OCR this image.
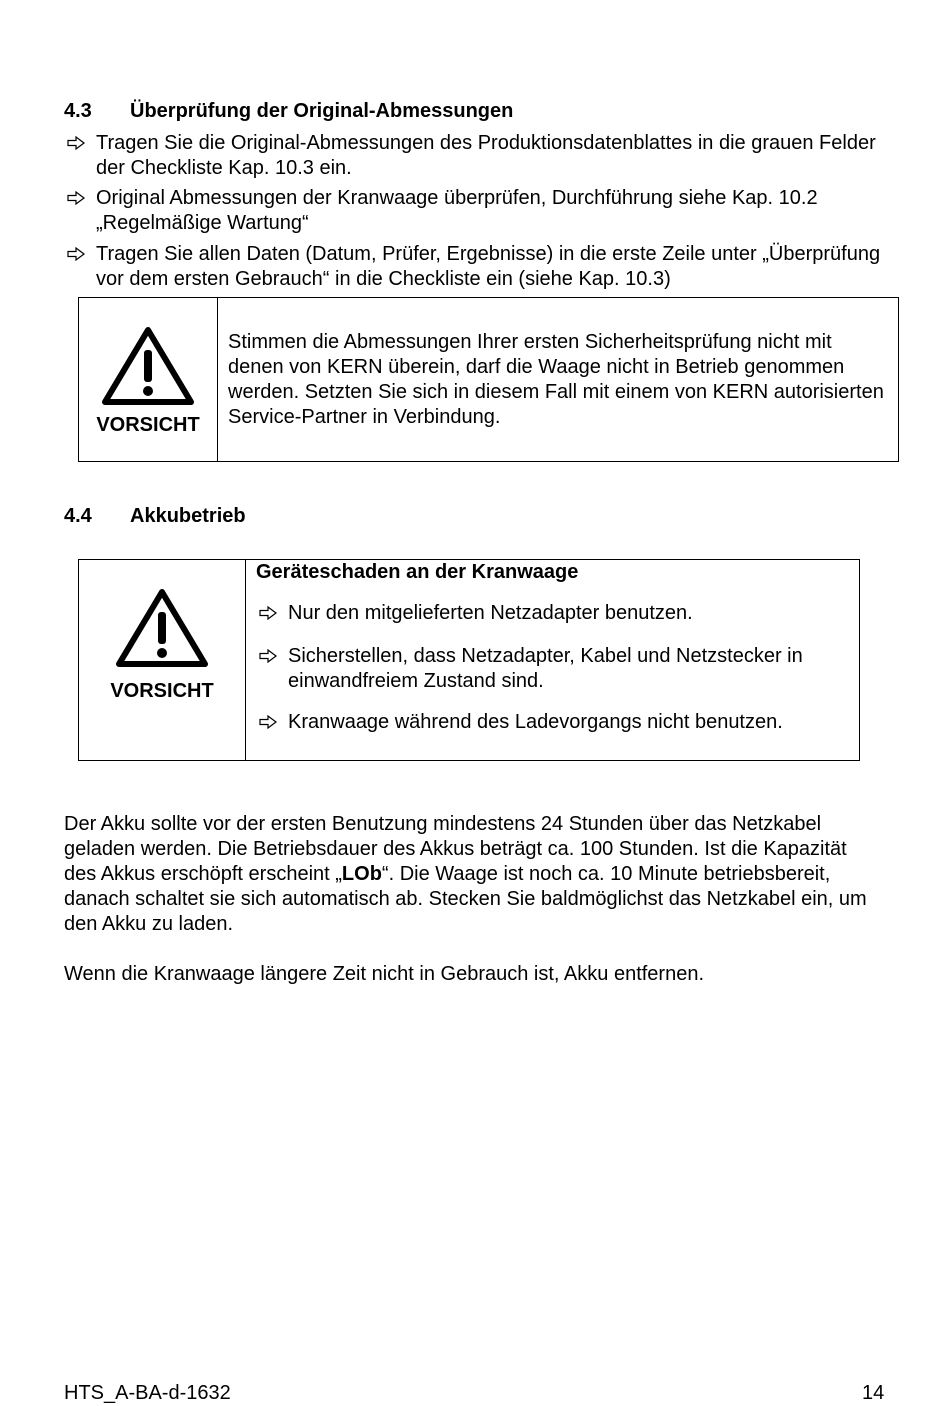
4.3 Überprüfung der Original-Abmessungen
Tragen Sie die Original-Abmessungen des Produktionsdatenblattes in die grauen Felder der Checkliste Kap. 10.3 ein.
Original Abmessungen der Kranwaage überprüfen, Durchführung siehe Kap. 10.2 „Regelmäßige Wartung“
Tragen Sie allen Daten (Datum, Prüfer, Ergebnisse) in die erste Zeile unter „Überprüfung vor dem ersten Gebrauch“ in die Checkliste ein (siehe Kap. 10.3)
VORSICHT
	Stimmen die Abmessungen Ihrer ersten Sicherheitsprüfung nicht mit denen von KERN überein, darf die Waage nicht in Betrieb genommen werden. Setzten Sie sich in diesem Fall mit einem von KERN autorisierten Service-Partner in Verbindung.
4.4 Akkubetrieb
VORSICHT

Geräteschaden an der Kranwaage
Nur den mitgelieferten Netzadapter benutzen.
Sicherstellen, dass Netzadapter, Kabel und Netzstecker in einwandfreiem Zustand sind.
Kranwaage während des Ladevorgangs nicht benutzen.
Der Akku sollte vor der ersten Benutzung mindestens 24 Stunden über das Netzkabel geladen werden. Die Betriebsdauer des Akkus beträgt ca. 100 Stunden. Ist die Kapazität des Akkus erschöpft erscheint „LOb“. Die Waage ist noch ca. 10 Minute betriebsbereit, danach schaltet sie sich automatisch ab. Stecken Sie baldmöglichst das Netzkabel ein, um den Akku zu laden.
Wenn die Kranwaage längere Zeit nicht in Gebrauch ist, Akku entfernen.
HTS_A-BA-d-1632	14
